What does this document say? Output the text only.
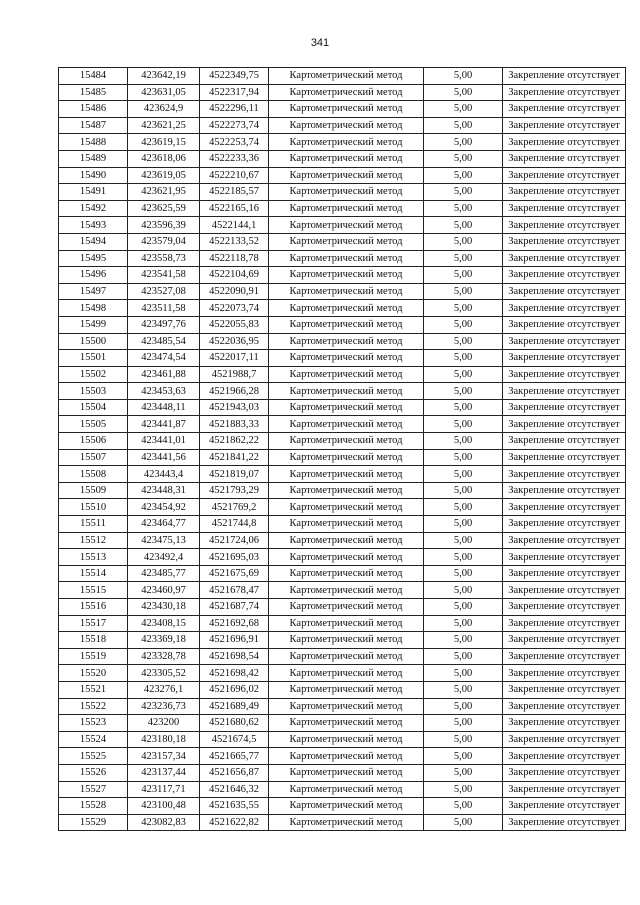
341
15484	423642,19	4522349,75	Картометрический метод	5,00	Закрепление отсутствует
15485	423631,05	4522317,94	Картометрический метод	5,00	Закрепление отсутствует
15486	423624,9	4522296,11	Картометрический метод	5,00	Закрепление отсутствует
15487	423621,25	4522273,74	Картометрический метод	5,00	Закрепление отсутствует
15488	423619,15	4522253,74	Картометрический метод	5,00	Закрепление отсутствует
15489	423618,06	4522233,36	Картометрический метод	5,00	Закрепление отсутствует
15490	423619,05	4522210,67	Картометрический метод	5,00	Закрепление отсутствует
15491	423621,95	4522185,57	Картометрический метод	5,00	Закрепление отсутствует
15492	423625,59	4522165,16	Картометрический метод	5,00	Закрепление отсутствует
15493	423596,39	4522144,1	Картометрический метод	5,00	Закрепление отсутствует
15494	423579,04	4522133,52	Картометрический метод	5,00	Закрепление отсутствует
15495	423558,73	4522118,78	Картометрический метод	5,00	Закрепление отсутствует
15496	423541,58	4522104,69	Картометрический метод	5,00	Закрепление отсутствует
15497	423527,08	4522090,91	Картометрический метод	5,00	Закрепление отсутствует
15498	423511,58	4522073,74	Картометрический метод	5,00	Закрепление отсутствует
15499	423497,76	4522055,83	Картометрический метод	5,00	Закрепление отсутствует
15500	423485,54	4522036,95	Картометрический метод	5,00	Закрепление отсутствует
15501	423474,54	4522017,11	Картометрический метод	5,00	Закрепление отсутствует
15502	423461,88	4521988,7	Картометрический метод	5,00	Закрепление отсутствует
15503	423453,63	4521966,28	Картометрический метод	5,00	Закрепление отсутствует
15504	423448,11	4521943,03	Картометрический метод	5,00	Закрепление отсутствует
15505	423441,87	4521883,33	Картометрический метод	5,00	Закрепление отсутствует
15506	423441,01	4521862,22	Картометрический метод	5,00	Закрепление отсутствует
15507	423441,56	4521841,22	Картометрический метод	5,00	Закрепление отсутствует
15508	423443,4	4521819,07	Картометрический метод	5,00	Закрепление отсутствует
15509	423448,31	4521793,29	Картометрический метод	5,00	Закрепление отсутствует
15510	423454,92	4521769,2	Картометрический метод	5,00	Закрепление отсутствует
15511	423464,77	4521744,8	Картометрический метод	5,00	Закрепление отсутствует
15512	423475,13	4521724,06	Картометрический метод	5,00	Закрепление отсутствует
15513	423492,4	4521695,03	Картометрический метод	5,00	Закрепление отсутствует
15514	423485,77	4521675,69	Картометрический метод	5,00	Закрепление отсутствует
15515	423460,97	4521678,47	Картометрический метод	5,00	Закрепление отсутствует
15516	423430,18	4521687,74	Картометрический метод	5,00	Закрепление отсутствует
15517	423408,15	4521692,68	Картометрический метод	5,00	Закрепление отсутствует
15518	423369,18	4521696,91	Картометрический метод	5,00	Закрепление отсутствует
15519	423328,78	4521698,54	Картометрический метод	5,00	Закрепление отсутствует
15520	423305,52	4521698,42	Картометрический метод	5,00	Закрепление отсутствует
15521	423276,1	4521696,02	Картометрический метод	5,00	Закрепление отсутствует
15522	423236,73	4521689,49	Картометрический метод	5,00	Закрепление отсутствует
15523	423200	4521680,62	Картометрический метод	5,00	Закрепление отсутствует
15524	423180,18	4521674,5	Картометрический метод	5,00	Закрепление отсутствует
15525	423157,34	4521665,77	Картометрический метод	5,00	Закрепление отсутствует
15526	423137,44	4521656,87	Картометрический метод	5,00	Закрепление отсутствует
15527	423117,71	4521646,32	Картометрический метод	5,00	Закрепление отсутствует
15528	423100,48	4521635,55	Картометрический метод	5,00	Закрепление отсутствует
15529	423082,83	4521622,82	Картометрический метод	5,00	Закрепление отсутствует
